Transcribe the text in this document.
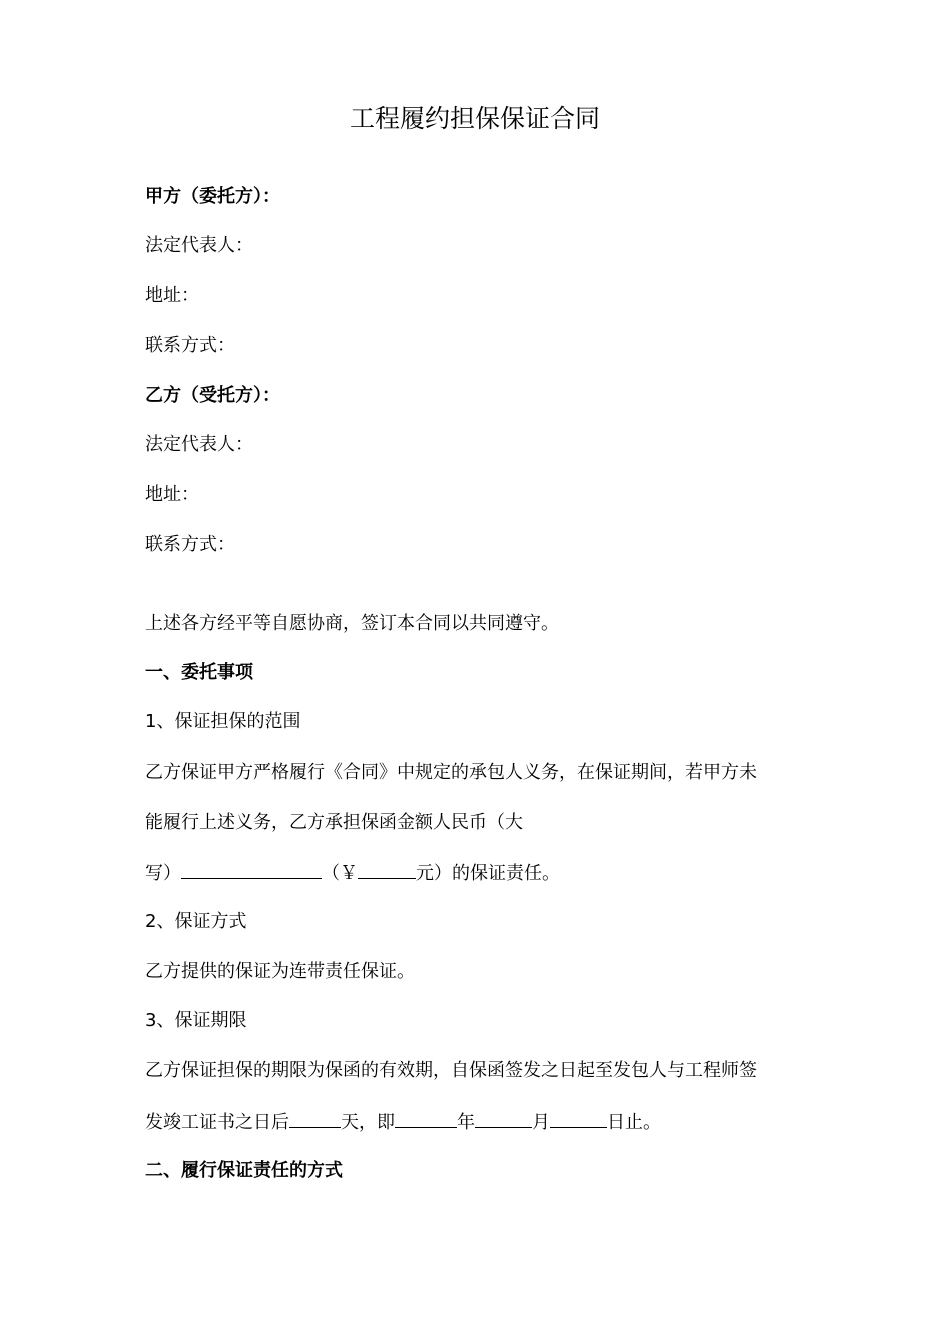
工程履约担保保证合同
甲方（委托方）：
法定代表人：
地址：
联系方式：
乙方（受托方）：
法定代表人：
地址：
联系方式：
上述各方经平等自愿协商，签订本合同以共同遵守。
一、委托事项
1、保证担保的范围
乙方保证甲方严格履行《合同》中规定的承包人义务，在保证期间，若甲方未
能履行上述义务，乙方承担保函金额人民币（大
写）	（￥	元）的保证责任。
2、保证方式
乙方提供的保证为连带责任保证。
3、保证期限
乙方保证担保的期限为保函的有效期，自保函签发之日起至发包人与工程师签
发竣工证书之日后	天，即	年	月	日止。
二、履行保证责任的方式
